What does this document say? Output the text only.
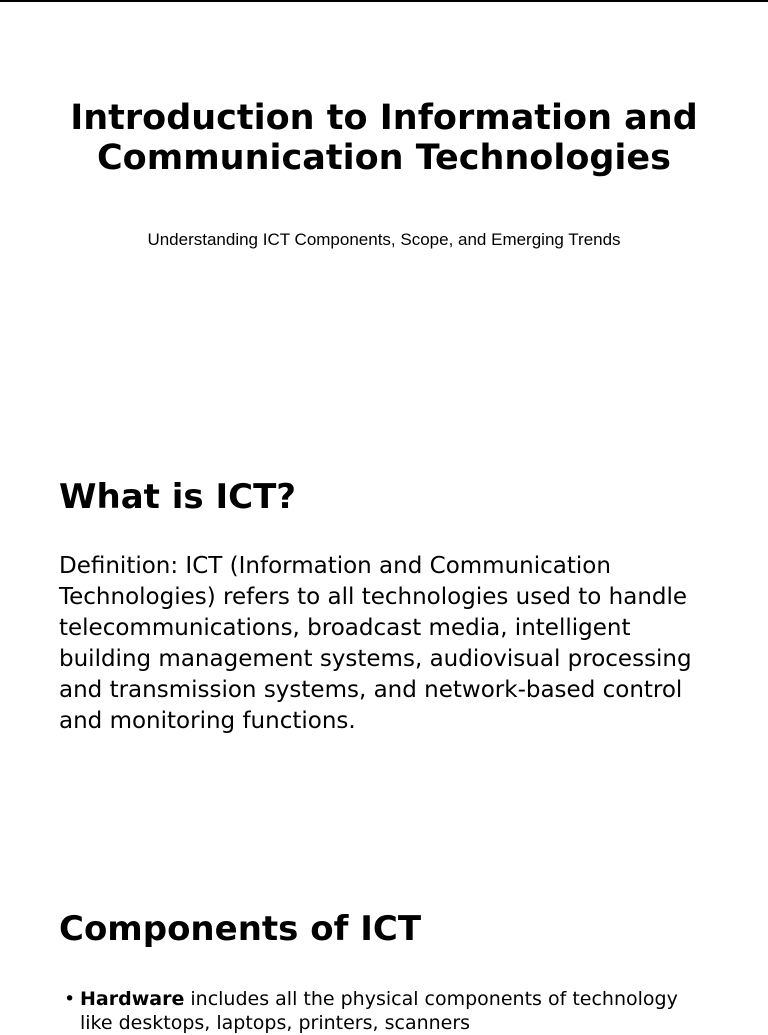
Introduction to Information and Communication Technologies

Understanding ICT Components, Scope, and Emerging Trends

What is ICT?

Definition: ICT (Information and Communication Technologies) refers to all technologies used to handle telecommunications, broadcast media, intelligent building management systems, audiovisual processing and transmission systems, and network-based control and monitoring functions.

Components of ICT
• Hardware includes all the physical components of technology like desktops, laptops, printers, scanners
